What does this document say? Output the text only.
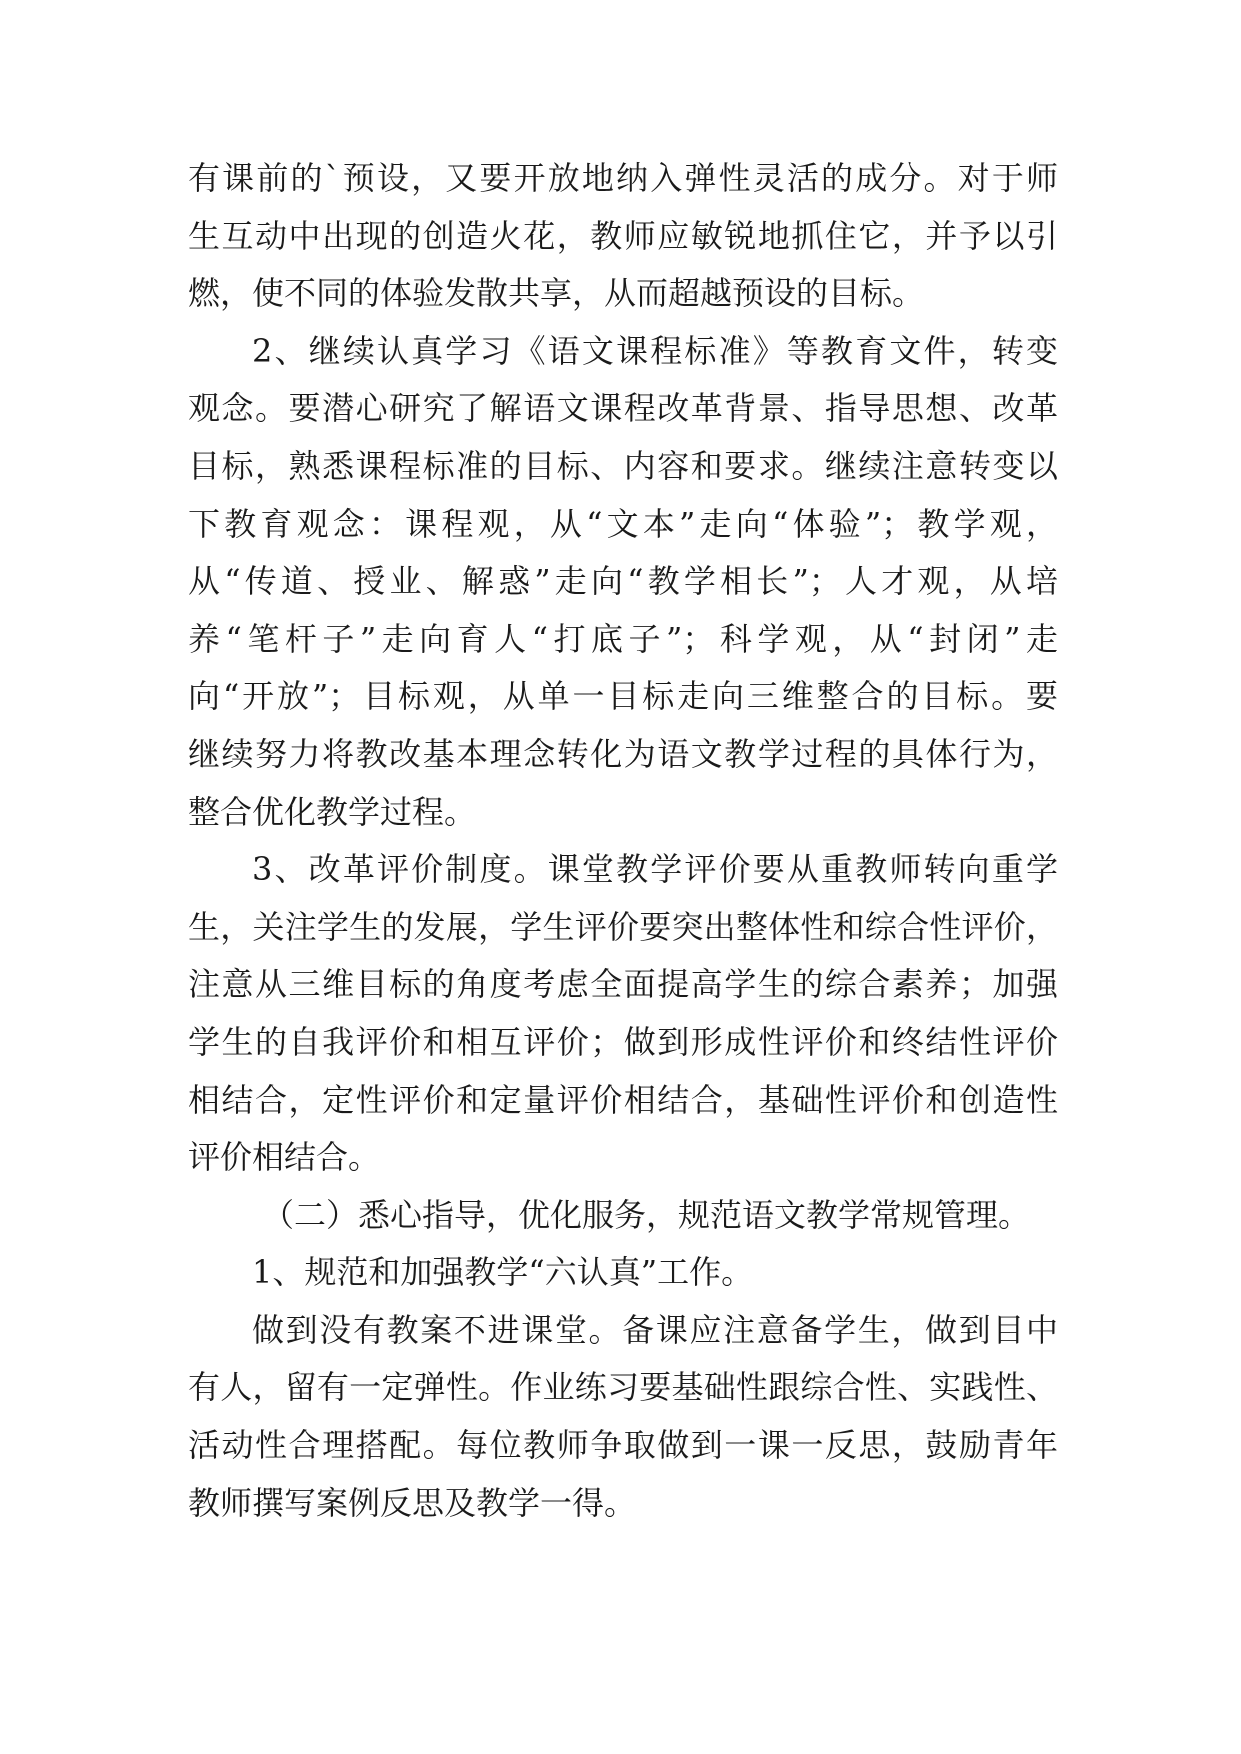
有课前的`预设，又要开放地纳入弹性灵活的成分。对于师
生互动中出现的创造火花，教师应敏锐地抓住它，并予以引
燃，使不同的体验发散共享，从而超越预设的目标。
2、继续认真学习《语文课程标准》等教育文件，转变
观念。要潜心研究了解语文课程改革背景、指导思想、改革
目标，熟悉课程标准的目标、内容和要求。继续注意转变以
下教育观念：课程观，从“文本”走向“体验”；教学观，
从“传道、授业、解惑”走向“教学相长”；人才观，从培
养“笔杆子”走向育人“打底子”；科学观，从“封闭”走
向“开放”；目标观，从单一目标走向三维整合的目标。要
继续努力将教改基本理念转化为语文教学过程的具体行为，
整合优化教学过程。
3、改革评价制度。课堂教学评价要从重教师转向重学
生，关注学生的发展，学生评价要突出整体性和综合性评价，
注意从三维目标的角度考虑全面提高学生的综合素养；加强
学生的自我评价和相互评价；做到形成性评价和终结性评价
相结合，定性评价和定量评价相结合，基础性评价和创造性
评价相结合。
（二）悉心指导，优化服务，规范语文教学常规管理。
1、规范和加强教学“六认真”工作。
做到没有教案不进课堂。备课应注意备学生，做到目中
有人，留有一定弹性。作业练习要基础性跟综合性、实践性、
活动性合理搭配。每位教师争取做到一课一反思，鼓励青年
教师撰写案例反思及教学一得。
